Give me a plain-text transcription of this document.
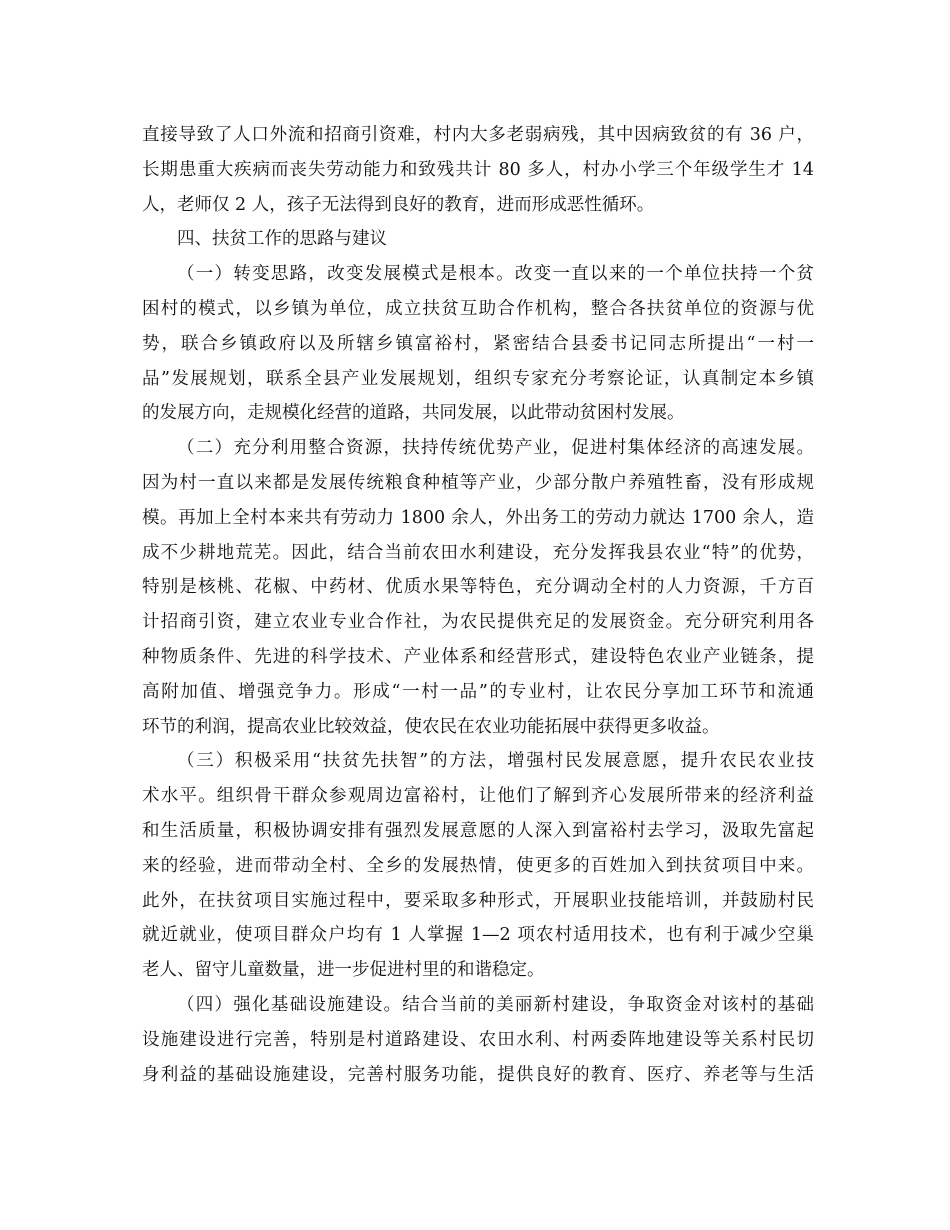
直接导致了人口外流和招商引资难，村内大多老弱病残，其中因病致贫的有 36 户，
长期患重大疾病而丧失劳动能力和致残共计 80 多人，村办小学三个年级学生才 14
人，老师仅 2 人，孩子无法得到良好的教育，进而形成恶性循环。
四、扶贫工作的思路与建议
（一）转变思路，改变发展模式是根本。改变一直以来的一个单位扶持一个贫
困村的模式，以乡镇为单位，成立扶贫互助合作机构，整合各扶贫单位的资源与优
势，联合乡镇政府以及所辖乡镇富裕村，紧密结合县委书记同志所提出“一村一
品”发展规划，联系全县产业发展规划，组织专家充分考察论证，认真制定本乡镇
的发展方向，走规模化经营的道路，共同发展，以此带动贫困村发展。
（二）充分利用整合资源，扶持传统优势产业，促进村集体经济的高速发展。
因为村一直以来都是发展传统粮食种植等产业，少部分散户养殖牲畜，没有形成规
模。再加上全村本来共有劳动力 1800 余人，外出务工的劳动力就达 1700 余人，造
成不少耕地荒芜。因此，结合当前农田水利建设，充分发挥我县农业“特”的优势，
特别是核桃、花椒、中药材、优质水果等特色，充分调动全村的人力资源，千方百
计招商引资，建立农业专业合作社，为农民提供充足的发展资金。充分研究利用各
种物质条件、先进的科学技术、产业体系和经营形式，建设特色农业产业链条，提
高附加值、增强竞争力。形成“一村一品”的专业村，让农民分享加工环节和流通
环节的利润，提高农业比较效益，使农民在农业功能拓展中获得更多收益。
（三）积极采用“扶贫先扶智”的方法，增强村民发展意愿，提升农民农业技
术水平。组织骨干群众参观周边富裕村，让他们了解到齐心发展所带来的经济利益
和生活质量，积极协调安排有强烈发展意愿的人深入到富裕村去学习，汲取先富起
来的经验，进而带动全村、全乡的发展热情，使更多的百姓加入到扶贫项目中来。
此外，在扶贫项目实施过程中，要采取多种形式，开展职业技能培训，并鼓励村民
就近就业，使项目群众户均有 1 人掌握 1—2 项农村适用技术，也有利于减少空巢
老人、留守儿童数量，进一步促进村里的和谐稳定。
（四）强化基础设施建设。结合当前的美丽新村建设，争取资金对该村的基础
设施建设进行完善，特别是村道路建设、农田水利、村两委阵地建设等关系村民切
身利益的基础设施建设，完善村服务功能，提供良好的教育、医疗、养老等与生活
